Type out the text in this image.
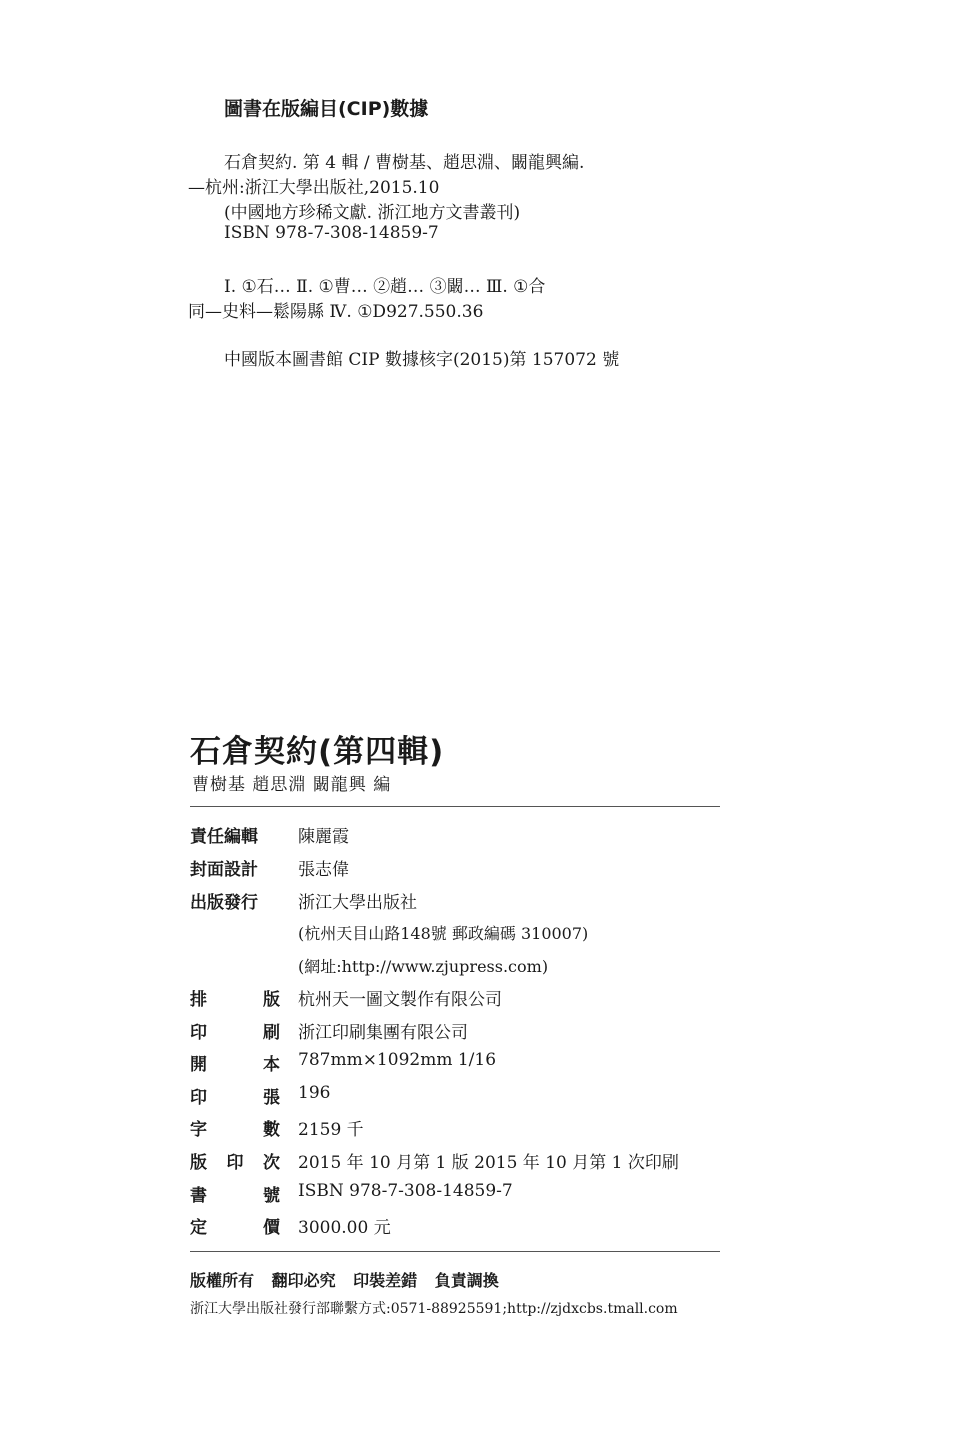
圖書在版編目(CIP)數據
石倉契約. 第 4 輯 / 曹樹基、趙思淵、闞龍興編.
—杭州:浙江大學出版社,2015.10
(中國地方珍稀文獻. 浙江地方文書叢刊)
ISBN 978-7-308-14859-7
Ⅰ. ①石… Ⅱ. ①曹… ②趙… ③闞… Ⅲ. ①合
同—史料—鬆陽縣 Ⅳ. ①D927.550.36
中國版本圖書館 CIP 數據核字(2015)第 157072 號
石倉契約(第四輯)
曹樹基 趙思淵 闞龍興 編
責任編輯	陳麗霞
封面設計	張志偉
出版發行	浙江大學出版社
(杭州天目山路148號 郵政編碼 310007)
(網址:http://www.zjupress.com)
排	版 杭州天一圖文製作有限公司
印	刷 浙江印刷集團有限公司
開	本 787mm×1092mm 1/16
印	張 196
字	數 2159 千
版 印 次 2015 年 10 月第 1 版 2015 年 10 月第 1 次印刷
書	號 ISBN 978-7-308-14859-7
定	價 3000.00 元
版權所有 翻印必究 印裝差錯 負責調換
浙江大學出版社發行部聯繫方式:0571-88925591;http://zjdxcbs.tmall.com
